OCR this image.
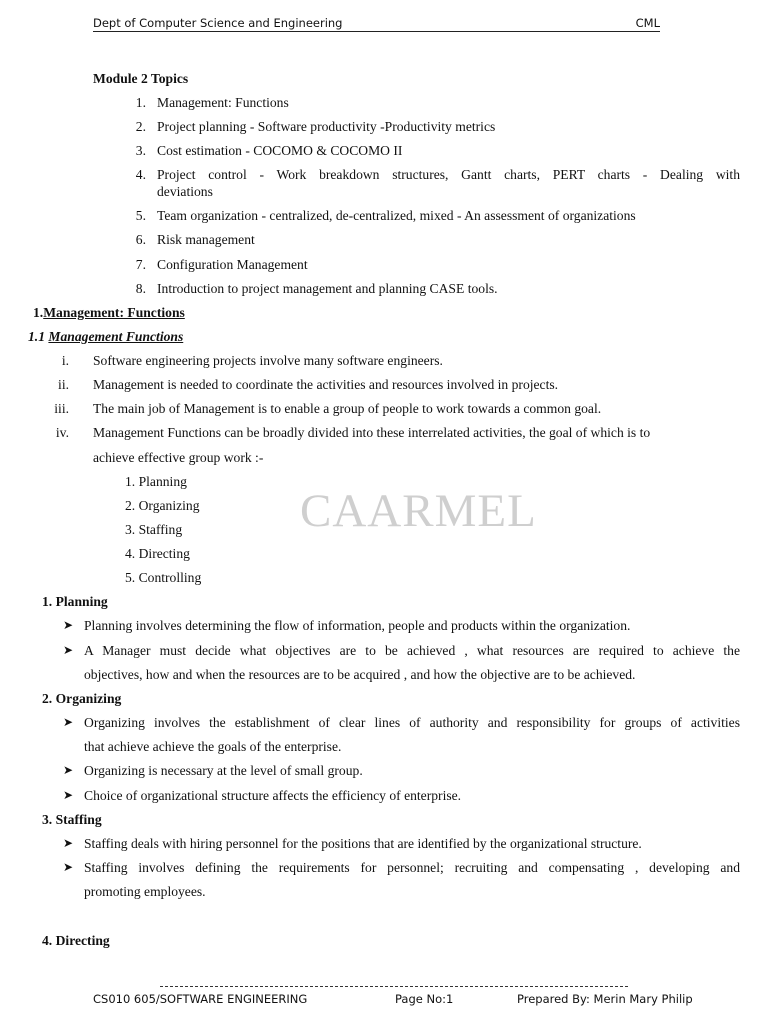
Dept of Computer Science and Engineering	CML
Module 2 Topics
1. Management: Functions
2. Project planning - Software productivity -Productivity metrics
3. Cost estimation - COCOMO & COCOMO II
4. Project control - Work breakdown structures, Gantt charts, PERT charts - Dealing with
deviations
5. Team organization - centralized, de-centralized, mixed - An assessment of organizations
6. Risk management
7. Configuration Management
8. Introduction to project management and planning CASE tools.
1.Management: Functions
1.1 Management Functions
i. Software engineering projects involve many software engineers.
ii. Management is needed to coordinate the activities and resources involved in projects.
iii. The main job of Management is to enable a group of people to work towards a common goal.
iv. Management Functions can be broadly divided into these interrelated activities, the goal of which is to
achieve effective group work :-
1. Planning
2. Organizing
3. Staffing
4. Directing
5. Controlling
CAARMEL
1. Planning
➤ Planning involves determining the flow of information, people and products within the organization.
➤ A Manager must decide what objectives are to be achieved , what resources are required to achieve the
objectives, how and when the resources are to be acquired , and how the objective are to be achieved.
2. Organizing
➤ Organizing involves the establishment of clear lines of authority and responsibility for groups of activities
that achieve achieve the goals of the enterprise.
➤ Organizing is necessary at the level of small group.
➤ Choice of organizational structure affects the efficiency of enterprise.
3. Staffing
➤ Staffing deals with hiring personnel for the positions that are identified by the organizational structure.
➤ Staffing involves defining the requirements for personnel; recruiting and compensating , developing and
promoting employees.
4. Directing
CS010 605/SOFTWARE ENGINEERING	Page No:1	Prepared By: Merin Mary Philip
